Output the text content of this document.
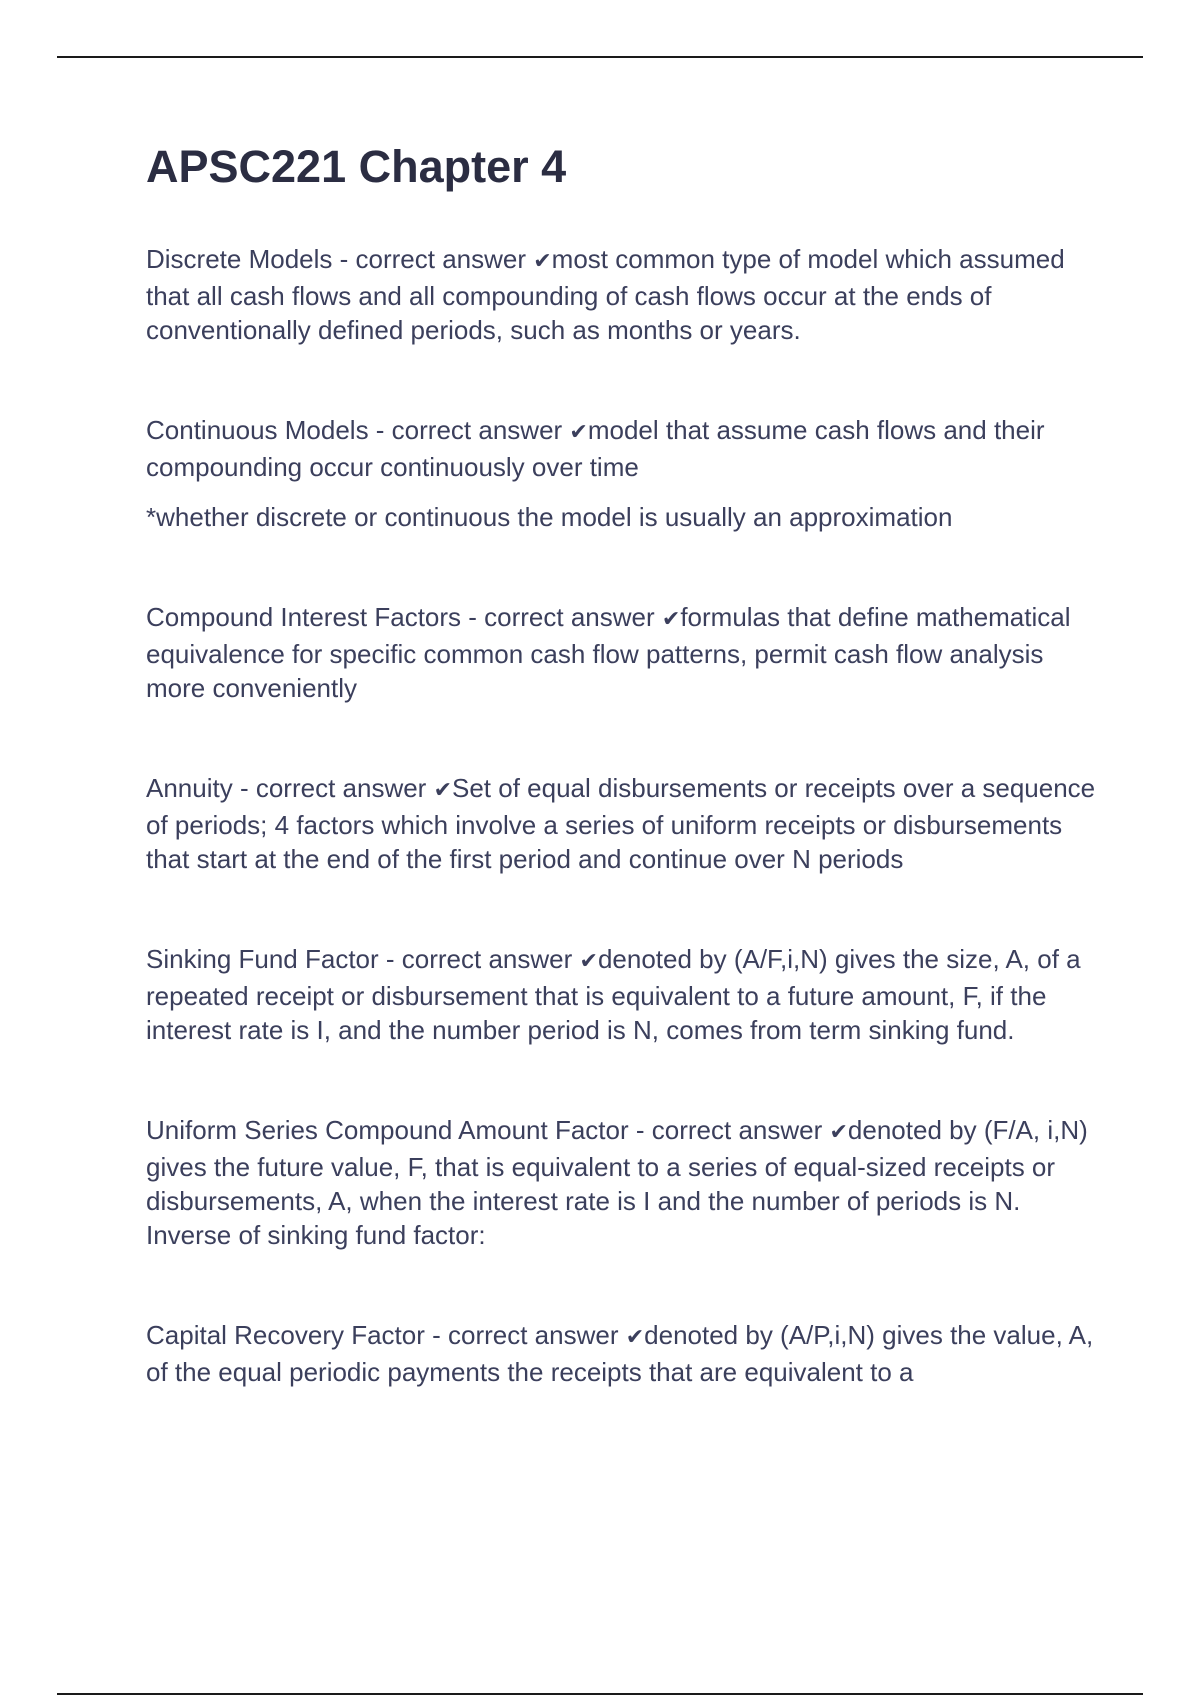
APSC221 Chapter 4

Discrete Models - correct answer ✔most common type of model which assumed that all cash flows and all compounding of cash flows occur at the ends of conventionally defined periods, such as months or years.

Continuous Models - correct answer ✔model that assume cash flows and their compounding occur continuously over time

*whether discrete or continuous the model is usually an approximation

Compound Interest Factors - correct answer ✔formulas that define mathematical equivalence for specific common cash flow patterns, permit cash flow analysis more conveniently

Annuity - correct answer ✔Set of equal disbursements or receipts over a sequence of periods; 4 factors which involve a series of uniform receipts or disbursements that start at the end of the first period and continue over N periods

Sinking Fund Factor - correct answer ✔denoted by (A/F,i,N) gives the size, A, of a repeated receipt or disbursement that is equivalent to a future amount, F, if the interest rate is I, and the number period is N, comes from term sinking fund.

Uniform Series Compound Amount Factor - correct answer ✔denoted by (F/A, i,N) gives the future value, F, that is equivalent to a series of equal-sized receipts or disbursements, A, when the interest rate is I and the number of periods is N. Inverse of sinking fund factor:

Capital Recovery Factor - correct answer ✔denoted by (A/P,i,N) gives the value, A, of the equal periodic payments the receipts that are equivalent to a
